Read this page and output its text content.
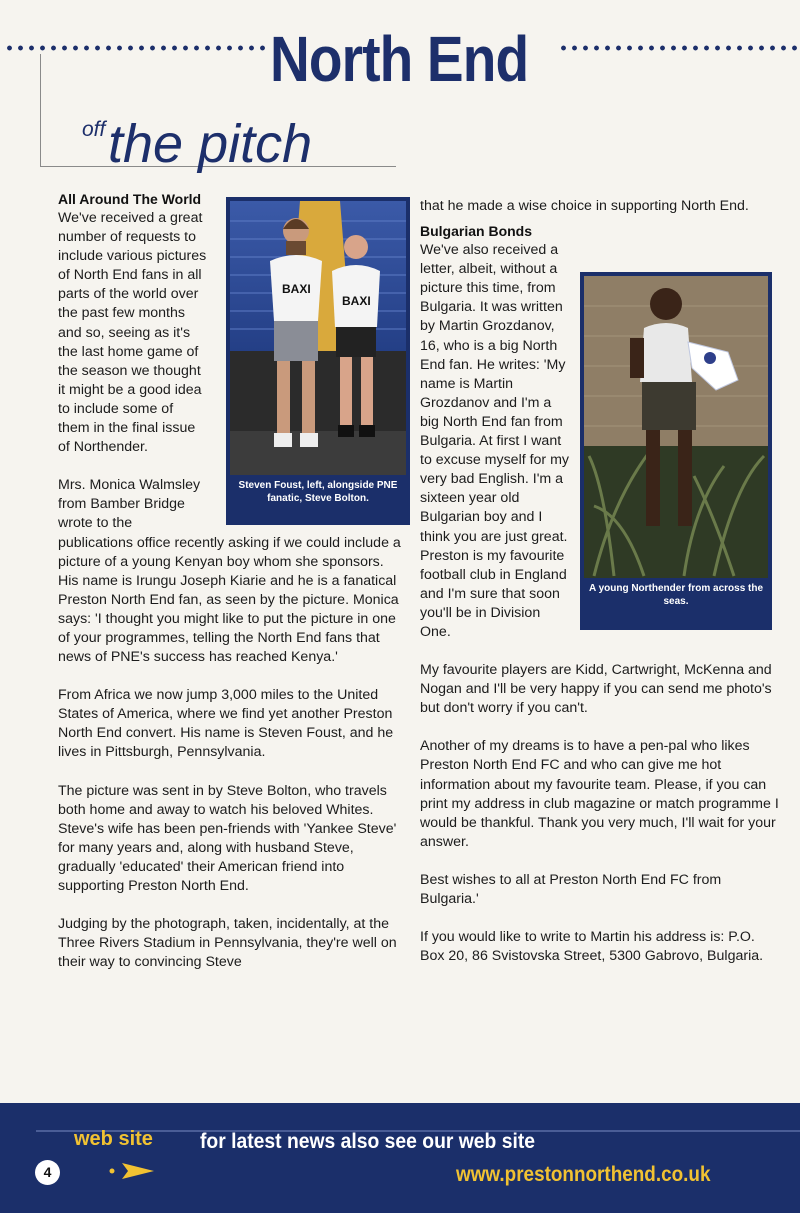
North End
off the pitch
BAXI
BAXI
Steven Foust, left, alongside PNE fanatic, Steve Bolton.
A young Northender from across the seas.
All Around The World

We've received a great number of requests to include various pictures of North End fans in all parts of the world over the past few months and so, seeing as it's the last home game of the season we thought it might be a good idea to include some of them in the final issue of Northender.

Mrs. Monica Walmsley from Bamber Bridge wrote to the publications office recently asking if we could include a picture of a young Kenyan boy whom she sponsors. His name is Irungu Joseph Kiarie and he is a fanatical Preston North End fan, as seen by the picture. Monica says: 'I thought you might like to put the picture in one of your programmes, telling the North End fans that news of PNE's success has reached Kenya.'

From Africa we now jump 3,000 miles to the United States of America, where we find yet another Preston North End convert. His name is Steven Foust, and he lives in Pittsburgh, Pennsylvania.

The picture was sent in by Steve Bolton, who travels both home and away to watch his beloved Whites. Steve's wife has been pen-friends with 'Yankee Steve' for many years and, along with husband Steve, gradually 'educated' their American friend into supporting Preston North End.

Judging by the photograph, taken, incidentally, at the Three Rivers Stadium in Pennsylvania, they're well on their way to convincing Steve

that he made a wise choice in supporting North End.

Bulgarian Bonds

We've also received a letter, albeit, without a picture this time, from Bulgaria. It was written by Martin Grozdanov, 16, who is a big North End fan. He writes: 'My name is Martin Grozdanov and I'm a big North End fan from Bulgaria. At first I want to excuse myself for my very bad English. I'm a sixteen year old Bulgarian boy and I think you are just great. Preston is my favourite football club in England and I'm sure that soon you'll be in Division One.

My favourite players are Kidd, Cartwright, McKenna and Nogan and I'll be very happy if you can send me photo's but don't worry if you can't.

Another of my dreams is to have a pen-pal who likes Preston North End FC and who can give me hot information about my favourite team. Please, if you can print my address in club magazine or match programme I would be thankful. Thank you very much, I'll wait for your answer.

Best wishes to all at Preston North End FC from Bulgaria.'

If you would like to write to Martin his address is: P.O. Box 20, 86 Svistovska Street, 5300 Gabrovo, Bulgaria.

web site for latest news also see our web site
www.prestonnorthend.co.uk
4
